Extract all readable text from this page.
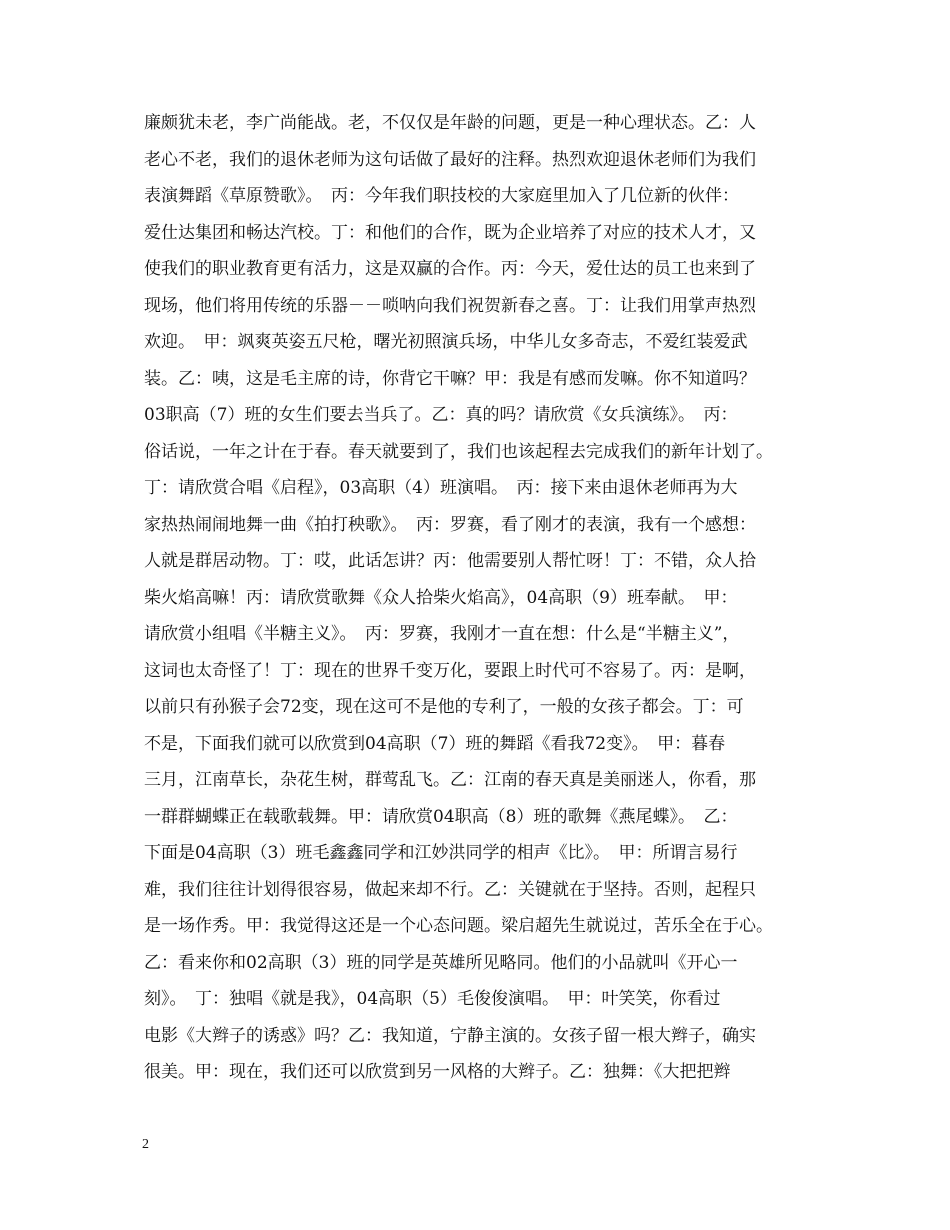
廉颇犹未老，李广尚能战。老，不仅仅是年龄的问题，更是一种心理状态。乙：人
老心不老，我们的退休老师为这句话做了最好的注释。热烈欢迎退休老师们为我们
表演舞蹈《草原赞歌》。　丙：今年我们职技校的大家庭里加入了几位新的伙伴：
爱仕达集团和畅达汽校。丁：和他们的合作，既为企业培养了对应的技术人才，又
使我们的职业教育更有活力，这是双赢的合作。丙：今天，爱仕达的员工也来到了
现场，他们将用传统的乐器－－唢呐向我们祝贺新春之喜。丁：让我们用掌声热烈
欢迎。　甲：飒爽英姿五尺枪，曙光初照演兵场，中华儿女多奇志，不爱红装爱武
装。乙：咦，这是毛主席的诗，你背它干嘛？甲：我是有感而发嘛。你不知道吗？
03职高（7）班的女生们要去当兵了。乙：真的吗？请欣赏《女兵演练》。　丙：
俗话说，一年之计在于春。春天就要到了，我们也该起程去完成我们的新年计划了。
丁：请欣赏合唱《启程》，03高职（4）班演唱。　丙：接下来由退休老师再为大
家热热闹闹地舞一曲《拍打秧歌》。　丙：罗赛，看了刚才的表演，我有一个感想：
人就是群居动物。丁：哎，此话怎讲？丙：他需要别人帮忙呀！丁：不错，众人拾
柴火焰高嘛！丙：请欣赏歌舞《众人拾柴火焰高》，04高职（9）班奉献。　甲：
请欣赏小组唱《半糖主义》。　丙：罗赛，我刚才一直在想：什么是“半糖主义”，
这词也太奇怪了！丁：现在的世界千变万化，要跟上时代可不容易了。丙：是啊，
以前只有孙猴子会72变，现在这可不是他的专利了，一般的女孩子都会。丁：可
不是，下面我们就可以欣赏到04高职（7）班的舞蹈《看我72变》。　甲：暮春
三月，江南草长，杂花生树，群莺乱飞。乙：江南的春天真是美丽迷人，你看，那
一群群蝴蝶正在载歌载舞。甲：请欣赏04职高（8）班的歌舞《燕尾蝶》。　乙：
下面是04高职（3）班毛鑫鑫同学和江妙洪同学的相声《比》。　甲：所谓言易行
难，我们往往计划得很容易，做起来却不行。乙：关键就在于坚持。否则，起程只
是一场作秀。甲：我觉得这还是一个心态问题。梁启超先生就说过，苦乐全在于心。
乙：看来你和02高职（3）班的同学是英雄所见略同。他们的小品就叫《开心一
刻》。　丁：独唱《就是我》，04高职（5）毛俊俊演唱。　甲：叶笑笑，你看过
电影《大辫子的诱惑》吗？乙：我知道，宁静主演的。女孩子留一根大辫子，确实
很美。甲：现在，我们还可以欣赏到另一风格的大辫子。乙：独舞：《大把把辫
2
